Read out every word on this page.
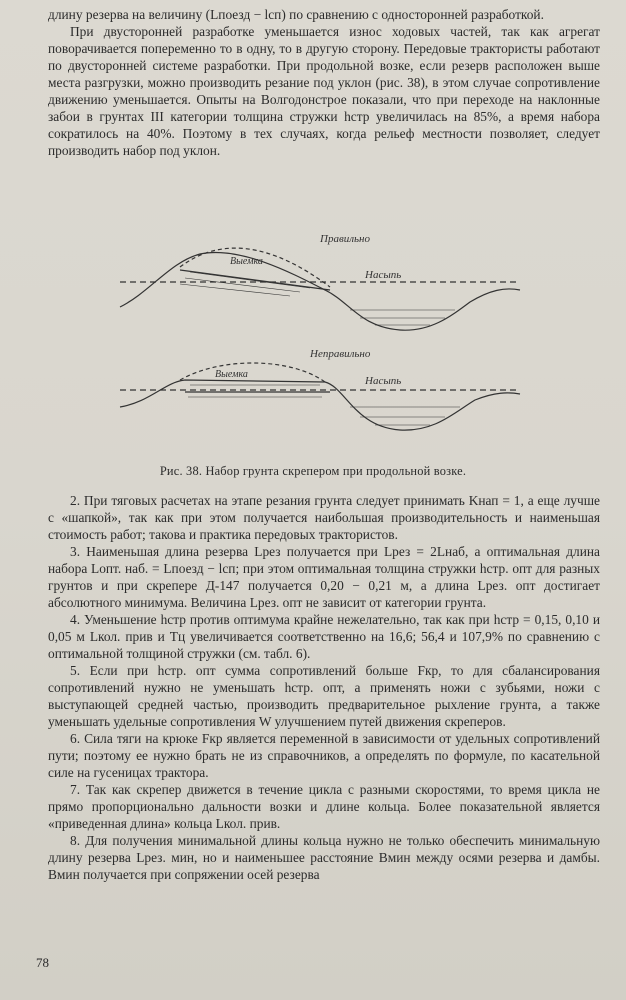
длину резерва на величину (Lпоезд − lсп) по сравнению с односторонней разработкой.

При двусторонней разработке уменьшается износ ходовых частей, так как агрегат поворачивается попеременно то в одну, то в другую сторону. Передовые трактористы работают по двусторонней системе разработки. При продольной возке, если резерв расположен выше места разгрузки, можно производить резание под уклон (рис. 38), в этом случае сопротивление движению уменьшается. Опыты на Волгодонстрое показали, что при переходе на наклонные забои в грунтах III категории толщина стружки hстр увеличилась на 85%, а время набора сократилось на 40%. Поэтому в тех случаях, когда рельеф местности позволяет, следует производить набор под уклон.

Правильно
Выемка
Насыпь
Неправильно
Выемка
Насыпь
Рис. 38. Набор грунта скрепером при продольной возке.

2. При тяговых расчетах на этапе резания грунта следует принимать Kнап = 1, а еще лучше с «шапкой», так как при этом получается наибольшая производительность и наименьшая стоимость работ; такова и практика передовых трактористов.

3. Наименьшая длина резерва Lрез получается при Lрез = 2Lнаб, а оптимальная длина набора Lопт. наб. = Lпоезд − lсп; при этом оптимальная толщина стружки hстр. опт для разных грунтов и при скрепере Д-147 получается 0,20 − 0,21 м, а длина Lрез. опт достигает абсолютного минимума. Величина Lрез. опт не зависит от категории грунта.

4. Уменьшение hстр против оптимума крайне нежелательно, так как при hстр = 0,15, 0,10 и 0,05 м Lкол. прив и Tц увеличивается соответственно на 16,6; 56,4 и 107,9% по сравнению с оптимальной толщиной стружки (см. табл. 6).

5. Если при hстр. опт сумма сопротивлений больше Fкр, то для сбалансирования сопротивлений нужно не уменьшать hстр. опт, а применять ножи с зубьями, ножи с выступающей средней частью, производить предварительное рыхление грунта, а также уменьшать удельные сопротивления W улучшением путей движения скреперов.

6. Сила тяги на крюке Fкр является переменной в зависимости от удельных сопротивлений пути; поэтому ее нужно брать не из справочников, а определять по формуле, по касательной силе на гусеницах трактора.

7. Так как скрепер движется в течение цикла с разными скоростями, то время цикла не прямо пропорционально дальности возки и длине кольца. Более показательной является «приведенная длина» кольца Lкол. прив.

8. Для получения минимальной длины кольца нужно не только обеспечить минимальную длину резерва Lрез. мин, но и наименьшее расстояние Bмин между осями резерва и дамбы. Bмин получается при сопряжении осей резерва

78
